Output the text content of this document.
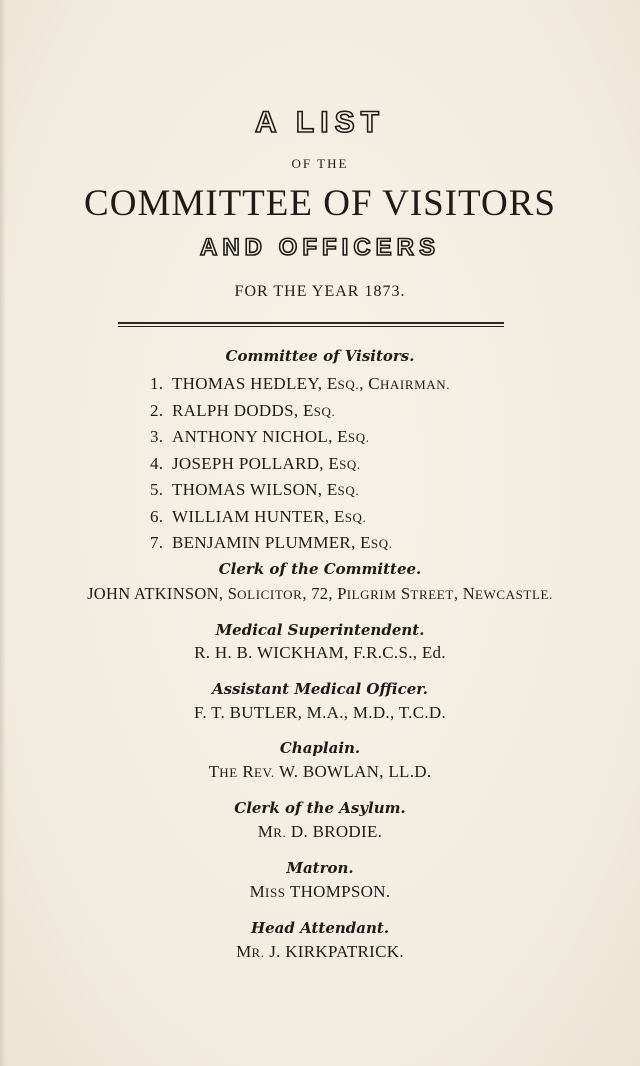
A LIST
OF THE
COMMITTEE OF VISITORS
AND OFFICERS
FOR THE YEAR 1873.
Committee of Visitors.
1. THOMAS HEDLEY, ESQ., CHAIRMAN.
2. RALPH DODDS, ESQ.
3. ANTHONY NICHOL, ESQ.
4. JOSEPH POLLARD, ESQ.
5. THOMAS WILSON, ESQ.
6. WILLIAM HUNTER, ESQ.
7. BENJAMIN PLUMMER, ESQ.
Clerk of the Committee.
JOHN ATKINSON, SOLICITOR, 72, PILGRIM STREET, NEWCASTLE.
Medical Superintendent.
R. H. B. WICKHAM, F.R.C.S., Ed.
Assistant Medical Officer.
F. T. BUTLER, M.A., M.D., T.C.D.
Chaplain.
THE REV. W. BOWLAN, LL.D.
Clerk of the Asylum.
MR. D. BRODIE.
Matron.
MISS THOMPSON.
Head Attendant.
MR. J. KIRKPATRICK.
